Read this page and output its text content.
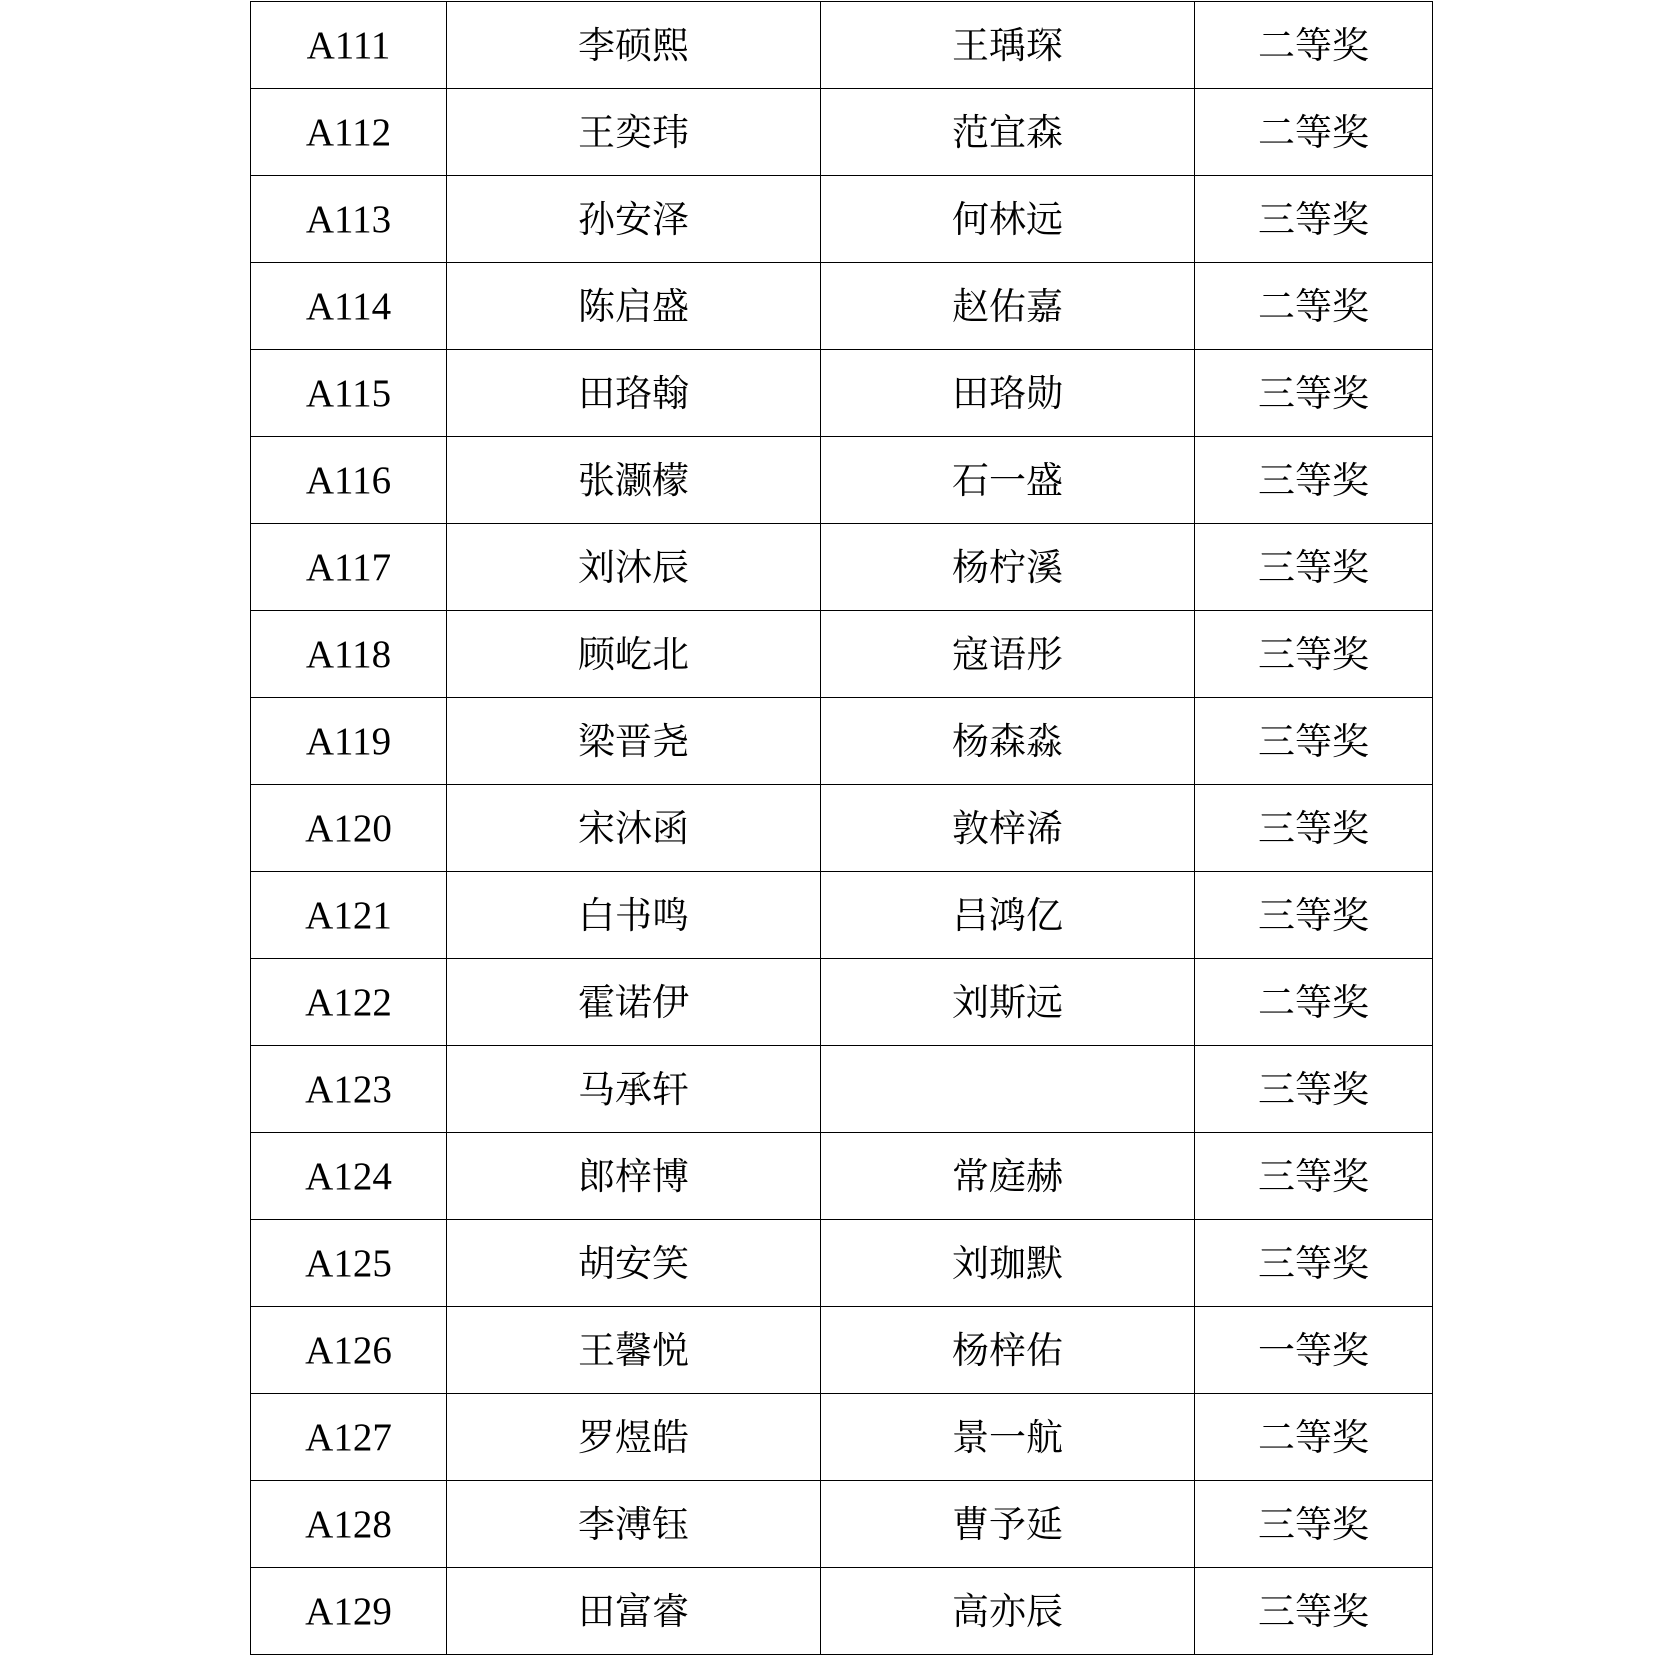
A111	李硕熙	王瑀琛	二等奖
A112	王奕玮	范宜森	二等奖
A113	孙安泽	何林远	三等奖
A114	陈启盛	赵佑嘉	二等奖
A115	田珞翰	田珞勋	三等奖
A116	张灏檬	石一盛	三等奖
A117	刘沐辰	杨柠溪	三等奖
A118	顾屹北	寇语彤	三等奖
A119	梁晋尧	杨森淼	三等奖
A120	宋沐函	敦梓浠	三等奖
A121	白书鸣	吕鸿亿	三等奖
A122	霍诺伊	刘斯远	二等奖
A123	马承轩		三等奖
A124	郎梓博	常庭赫	三等奖
A125	胡安笑	刘珈默	三等奖
A126	王馨悦	杨梓佑	一等奖
A127	罗煜皓	景一航	二等奖
A128	李溥钰	曹予延	三等奖
A129	田富睿	高亦辰	三等奖
